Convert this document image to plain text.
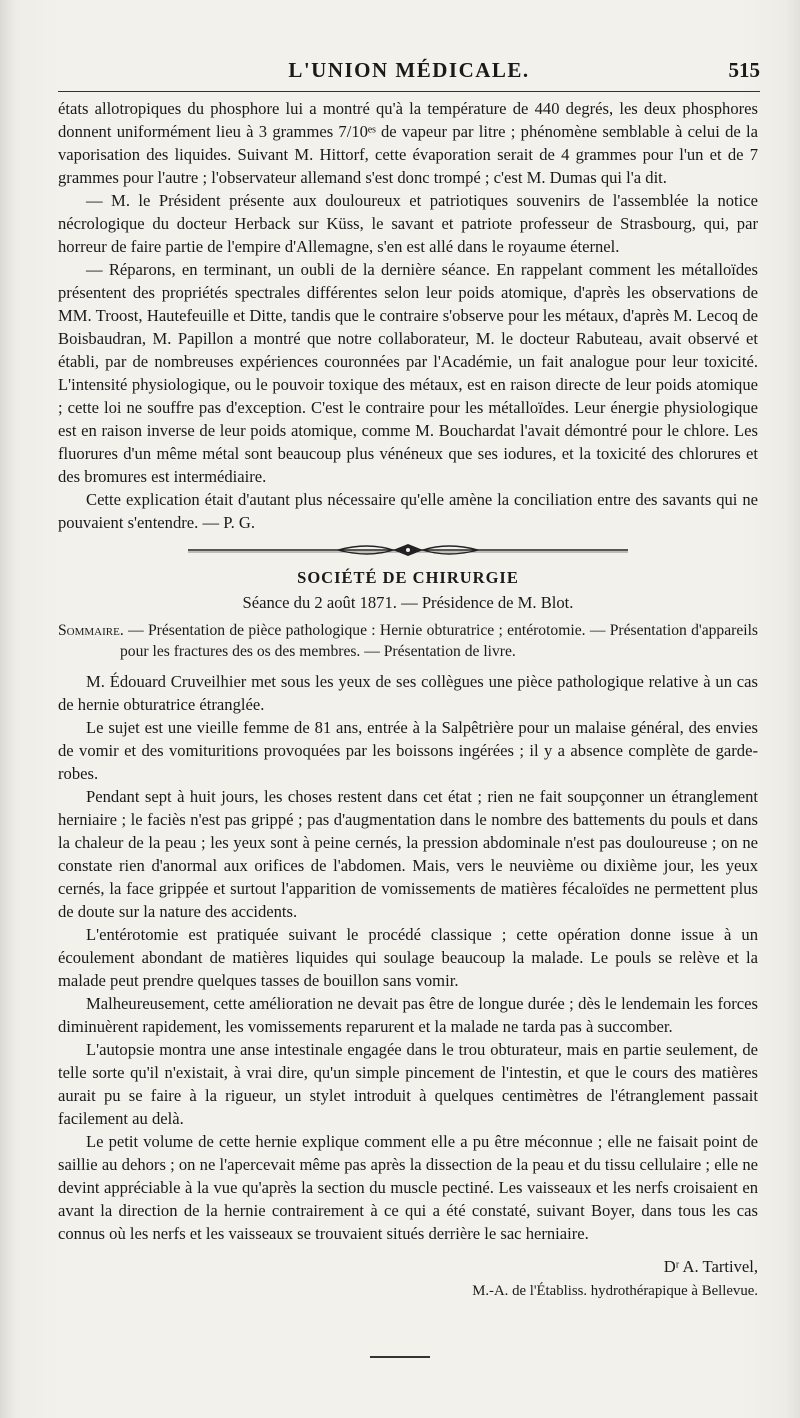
L'UNION MÉDICALE.	515

états allotropiques du phosphore lui a montré qu'à la température de 440 degrés, les deux phosphores donnent uniformément lieu à 3 grammes 7/10ᵉˢ de vapeur par litre ; phénomène semblable à celui de la vaporisation des liquides. Suivant M. Hittorf, cette évaporation serait de 4 grammes pour l'un et de 7 grammes pour l'autre ; l'observateur allemand s'est donc trompé ; c'est M. Dumas qui l'a dit.

— M. le Président présente aux douloureux et patriotiques souvenirs de l'assemblée la notice nécrologique du docteur Herback sur Küss, le savant et patriote professeur de Strasbourg, qui, par horreur de faire partie de l'empire d'Allemagne, s'en est allé dans le royaume éternel.

— Réparons, en terminant, un oubli de la dernière séance. En rappelant comment les métalloïdes présentent des propriétés spectrales différentes selon leur poids atomique, d'après les observations de MM. Troost, Hautefeuille et Ditte, tandis que le contraire s'observe pour les métaux, d'après M. Lecoq de Boisbaudran, M. Papillon a montré que notre collaborateur, M. le docteur Rabuteau, avait observé et établi, par de nombreuses expériences couronnées par l'Académie, un fait analogue pour leur toxicité. L'intensité physiologique, ou le pouvoir toxique des métaux, est en raison directe de leur poids atomique ; cette loi ne souffre pas d'exception. C'est le contraire pour les métalloïdes. Leur énergie physiologique est en raison inverse de leur poids atomique, comme M. Bouchardat l'avait démontré pour le chlore. Les fluorures d'un même métal sont beaucoup plus vénéneux que ses iodures, et la toxicité des chlorures et des bromures est intermédiaire.

Cette explication était d'autant plus nécessaire qu'elle amène la conciliation entre des savants qui ne pouvaient s'entendre. — P. G.

SOCIÉTÉ DE CHIRURGIE
Séance du 2 août 1871. — Présidence de M. Blot.
Sommaire. — Présentation de pièce pathologique : Hernie obturatrice ; entérotomie. — Présentation d'appareils pour les fractures des os des membres. — Présentation de livre.

M. Édouard Cruveilhier met sous les yeux de ses collègues une pièce pathologique relative à un cas de hernie obturatrice étranglée.

Le sujet est une vieille femme de 81 ans, entrée à la Salpêtrière pour un malaise général, des envies de vomir et des vomituritions provoquées par les boissons ingérées ; il y a absence complète de garde-robes.

Pendant sept à huit jours, les choses restent dans cet état ; rien ne fait soupçonner un étranglement herniaire ; le faciès n'est pas grippé ; pas d'augmentation dans le nombre des battements du pouls et dans la chaleur de la peau ; les yeux sont à peine cernés, la pression abdominale n'est pas douloureuse ; on ne constate rien d'anormal aux orifices de l'abdomen. Mais, vers le neuvième ou dixième jour, les yeux cernés, la face grippée et surtout l'apparition de vomissements de matières fécaloïdes ne permettent plus de doute sur la nature des accidents.

L'entérotomie est pratiquée suivant le procédé classique ; cette opération donne issue à un écoulement abondant de matières liquides qui soulage beaucoup la malade. Le pouls se relève et la malade peut prendre quelques tasses de bouillon sans vomir.

Malheureusement, cette amélioration ne devait pas être de longue durée ; dès le lendemain les forces diminuèrent rapidement, les vomissements reparurent et la malade ne tarda pas à succomber.

L'autopsie montra une anse intestinale engagée dans le trou obturateur, mais en partie seulement, de telle sorte qu'il n'existait, à vrai dire, qu'un simple pincement de l'intestin, et que le cours des matières aurait pu se faire à la rigueur, un stylet introduit à quelques centimètres de l'étranglement passait facilement au delà.

Le petit volume de cette hernie explique comment elle a pu être méconnue ; elle ne faisait point de saillie au dehors ; on ne l'apercevait même pas après la dissection de la peau et du tissu cellulaire ; elle ne devint appréciable à la vue qu'après la section du muscle pectiné. Les vaisseaux et les nerfs croisaient en avant la direction de la hernie contrairement à ce qui a été constaté, suivant Boyer, dans tous les cas connus où les nerfs et les vaisseaux se trouvaient situés derrière le sac herniaire.

Dʳ A. Tartivel,
M.-A. de l'Établiss. hydrothérapique à Bellevue.
